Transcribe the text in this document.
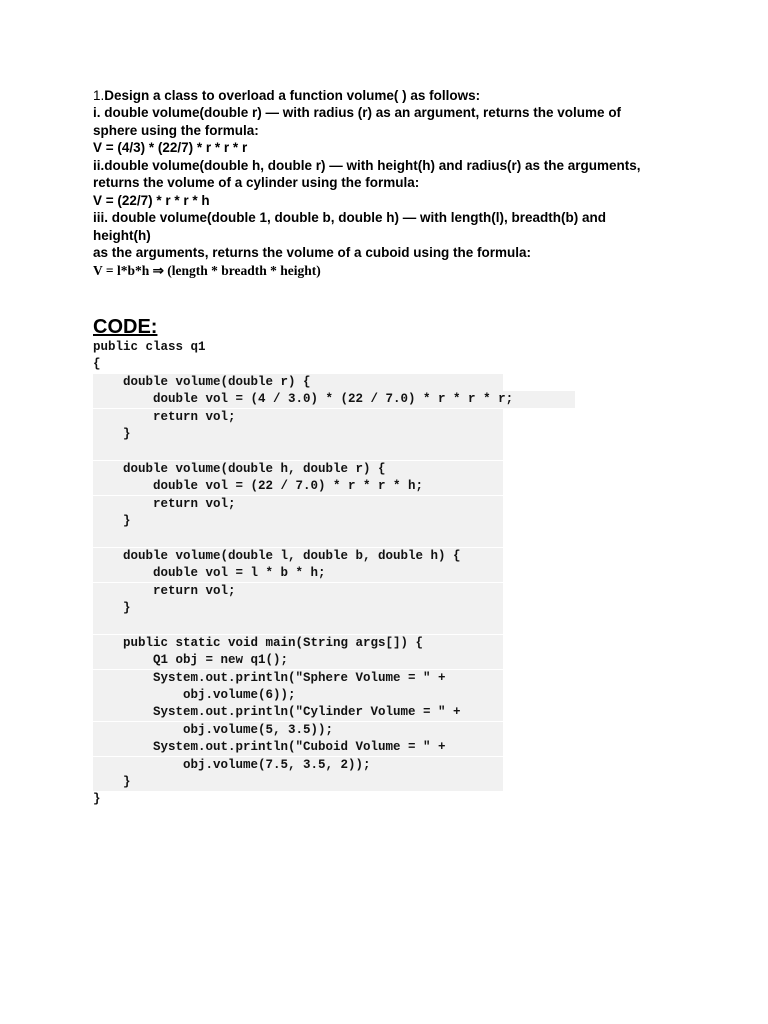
1.Design a class to overload a function volume( ) as follows:
i. double volume(double r) — with radius (r) as an argument, returns the volume of
sphere using the formula:
V = (4/3) * (22/7) * r * r * r
ii.double volume(double h, double r) — with height(h) and radius(r) as the arguments,
returns the volume of a cylinder using the formula:
V = (22/7) * r * r * h
iii. double volume(double 1, double b, double h) — with length(l), breadth(b) and
height(h)
as the arguments, returns the volume of a cuboid using the formula:
V = l*b*h ⇒ (length * breadth * height)
CODE:
public class q1
{
double volume(double r) {
double vol = (4 / 3.0) * (22 / 7.0) * r * r * r;
return vol;
}
double volume(double h, double r) {
double vol = (22 / 7.0) * r * r * h;
return vol;
}
double volume(double l, double b, double h) {
double vol = l * b * h;
return vol;
}
public static void main(String args[]) {
Q1 obj = new q1();
System.out.println("Sphere Volume = " +
obj.volume(6));
System.out.println("Cylinder Volume = " +
obj.volume(5, 3.5));
System.out.println("Cuboid Volume = " +
obj.volume(7.5, 3.5, 2));
}
}
